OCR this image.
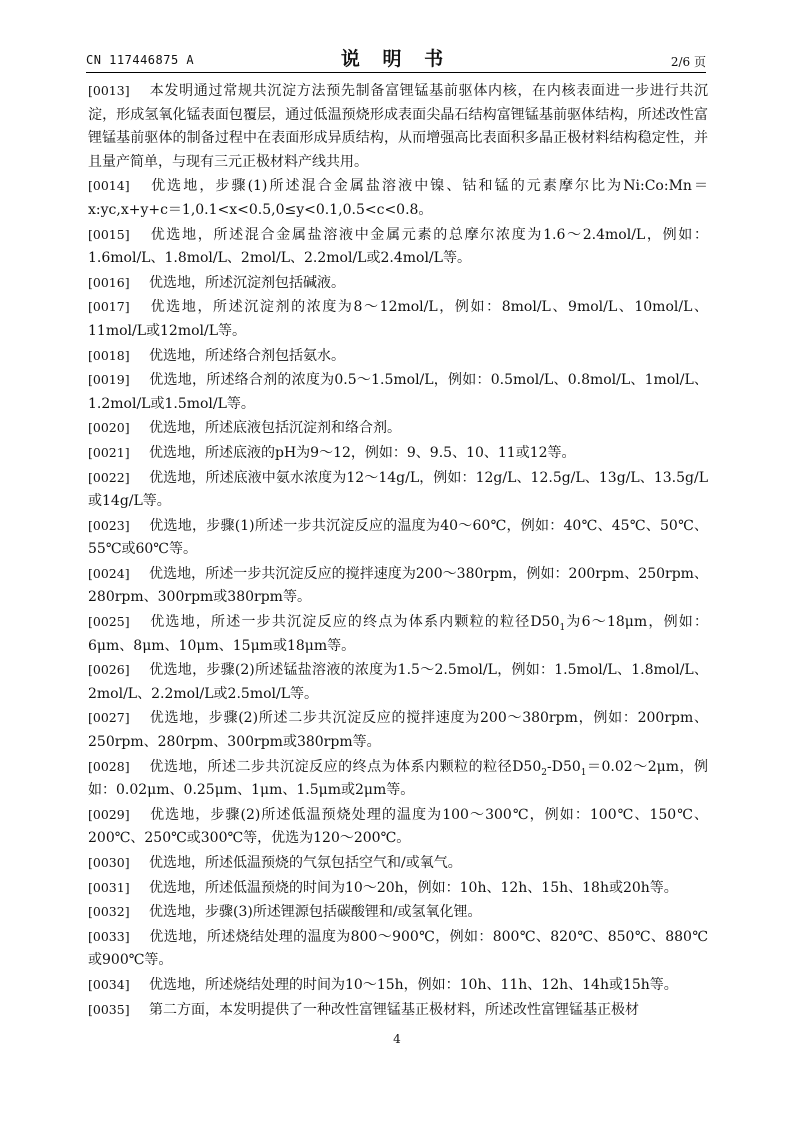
CN 117446875 A	说 明 书	2/6 页
[0013] 本发明通过常规共沉淀方法预先制备富锂锰基前驱体内核，在内核表面进一步进行共沉淀，形成氢氧化锰表面包覆层，通过低温预烧形成表面尖晶石结构富锂锰基前驱体结构，所述改性富锂锰基前驱体的制备过程中在表面形成异质结构，从而增强高比表面积多晶正极材料结构稳定性，并且量产简单，与现有三元正极材料产线共用。
[0014] 优选地，步骤(1)所述混合金属盐溶液中镍、钴和锰的元素摩尔比为Ni:Co:Mn＝x:yc,x+y+c＝1,0.1<x<0.5,0≤y<0.1,0.5<c<0.8。
[0015] 优选地，所述混合金属盐溶液中金属元素的总摩尔浓度为1.6～2.4mol/L，例如：1.6mol/L、1.8mol/L、2mol/L、2.2mol/L或2.4mol/L等。
[0016] 优选地，所述沉淀剂包括碱液。
[0017] 优选地，所述沉淀剂的浓度为8～12mol/L，例如：8mol/L、9mol/L、10mol/L、11mol/L或12mol/L等。
[0018] 优选地，所述络合剂包括氨水。
[0019] 优选地，所述络合剂的浓度为0.5～1.5mol/L，例如：0.5mol/L、0.8mol/L、1mol/L、1.2mol/L或1.5mol/L等。
[0020] 优选地，所述底液包括沉淀剂和络合剂。
[0021] 优选地，所述底液的pH为9～12，例如：9、9.5、10、11或12等。
[0022] 优选地，所述底液中氨水浓度为12～14g/L，例如：12g/L、12.5g/L、13g/L、13.5g/L或14g/L等。
[0023] 优选地，步骤(1)所述一步共沉淀反应的温度为40～60℃，例如：40℃、45℃、50℃、55℃或60℃等。
[0024] 优选地，所述一步共沉淀反应的搅拌速度为200～380rpm，例如：200rpm、250rpm、280rpm、300rpm或380rpm等。
[0025] 优选地，所述一步共沉淀反应的终点为体系内颗粒的粒径$D50_1$为6～18μm，例如：6μm、8μm、10μm、15μm或18μm等。
[0026] 优选地，步骤(2)所述锰盐溶液的浓度为1.5～2.5mol/L，例如：1.5mol/L、1.8mol/L、2mol/L、2.2mol/L或2.5mol/L等。
[0027] 优选地，步骤(2)所述二步共沉淀反应的搅拌速度为200～380rpm，例如：200rpm、250rpm、280rpm、300rpm或380rpm等。
[0028] 优选地，所述二步共沉淀反应的终点为体系内颗粒的粒径$D50_2-D50_1=0.02\sim 2\mu m$，例如：0.02μm、0.25μm、1μm、1.5μm或2μm等。
[0029] 优选地，步骤(2)所述低温预烧处理的温度为100～300℃，例如：100℃、150℃、200℃、250℃或300℃等，优选为120～200℃。
[0030] 优选地，所述低温预烧的气氛包括空气和/或氧气。
[0031] 优选地，所述低温预烧的时间为10～20h，例如：10h、12h、15h、18h或20h等。
[0032] 优选地，步骤(3)所述锂源包括碳酸锂和/或氢氧化锂。
[0033] 优选地，所述烧结处理的温度为800～900℃，例如：800℃、820℃、850℃、880℃或900℃等。
[0034] 优选地，所述烧结处理的时间为10～15h，例如：10h、11h、12h、14h或15h等。
[0035] 第二方面，本发明提供了一种改性富锂锰基正极材料，所述改性富锂锰基正极材
4
